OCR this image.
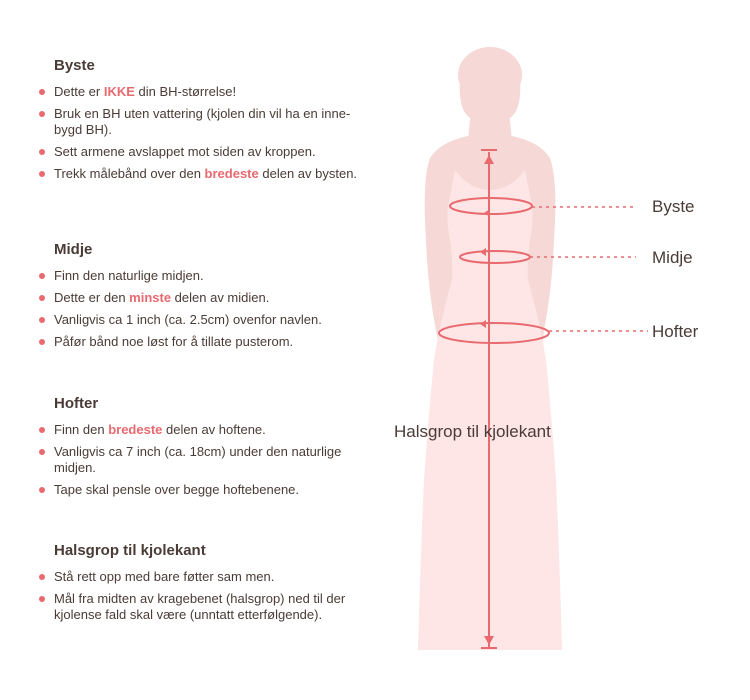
Byste
Dette er IKKE din BH-størrelse!
Bruk en BH uten vattering (kjolen din vil ha en inne-bygd BH).
Sett armene avslappet mot siden av kroppen.
Trekk målebånd over den bredeste delen av bysten.
Midje
Finn den naturlige midjen.
Dette er den minste delen av midien.
Vanligvis ca 1 inch (ca. 2.5cm) ovenfor navlen.
Påfør bånd noe løst for å tillate pusterom.
Hofter
Finn den bredeste delen av hoftene.
Vanligvis ca 7 inch (ca. 18cm) under den naturlige midjen.
Tape skal pensle over begge hoftebenene.
Halsgrop til kjolekant
Stå rett opp med bare føtter sam men.
Mål fra midten av kragebenet (halsgrop) ned til der kjolense fald skal være (unntatt etterfølgende).
Byste
Midje
Hofter
Halsgrop til kjolekant
